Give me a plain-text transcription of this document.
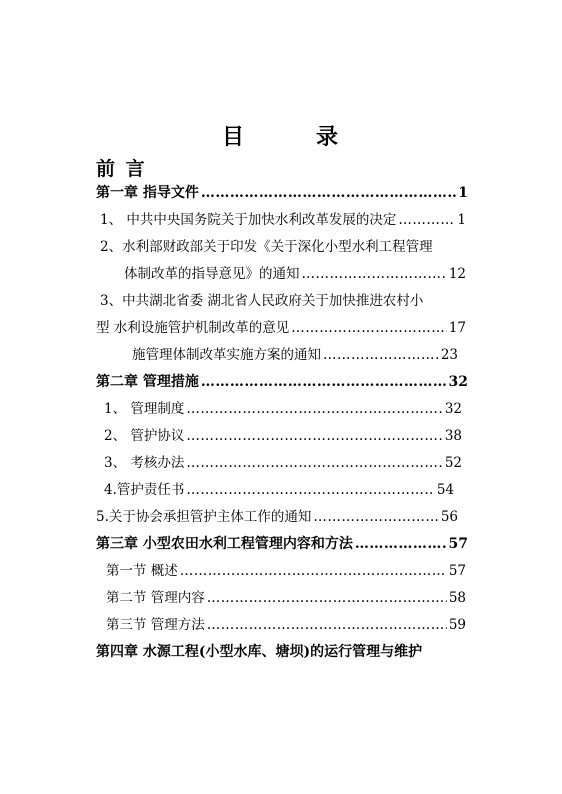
目	录
前 言
第一章 指导文件 …………………………………………………………………………………………………………………………………………………………	1
1、 中共中央国务院关于加快水利改革发展的决定 …………………………………………………………………………………………………………………………………………………………	1
2、水利部财政部关于印发《关于深化小型水利工程管理
体制改革的指导意见》的通知 …………………………………………………………………………………………………………………………………………………………	12
3、中共湖北省委 湖北省人民政府关于加快推进农村小
型 水利设施管护机制改革的意见 …………………………………………………………………………………………………………………………………………………………	17
施管理体制改革实施方案的通知 …………………………………………………………………………………………………………………………………………………………	23
第二章 管理措施 …………………………………………………………………………………………………………………………………………………………	32
1、 管理制度 …………………………………………………………………………………………………………………………………………………………	32
2、 管护协议 …………………………………………………………………………………………………………………………………………………………	38
3、 考核办法 …………………………………………………………………………………………………………………………………………………………	52
4.管护责任书 …………………………………………………………………………………………………………………………………………………………	54
5.关于协会承担管护主体工作的通知 …………………………………………………………………………………………………………………………………………………………	56
第三章 小型农田水利工程管理内容和方法 …………………………………………………………………………………………………………………………………………………………	57
第一节 概述 …………………………………………………………………………………………………………………………………………………………	57
第二节 管理内容 …………………………………………………………………………………………………………………………………………………………	58
第三节 管理方法 …………………………………………………………………………………………………………………………………………………………	59
第四章 水源工程(小型水库、塘坝)的运行管理与维护
